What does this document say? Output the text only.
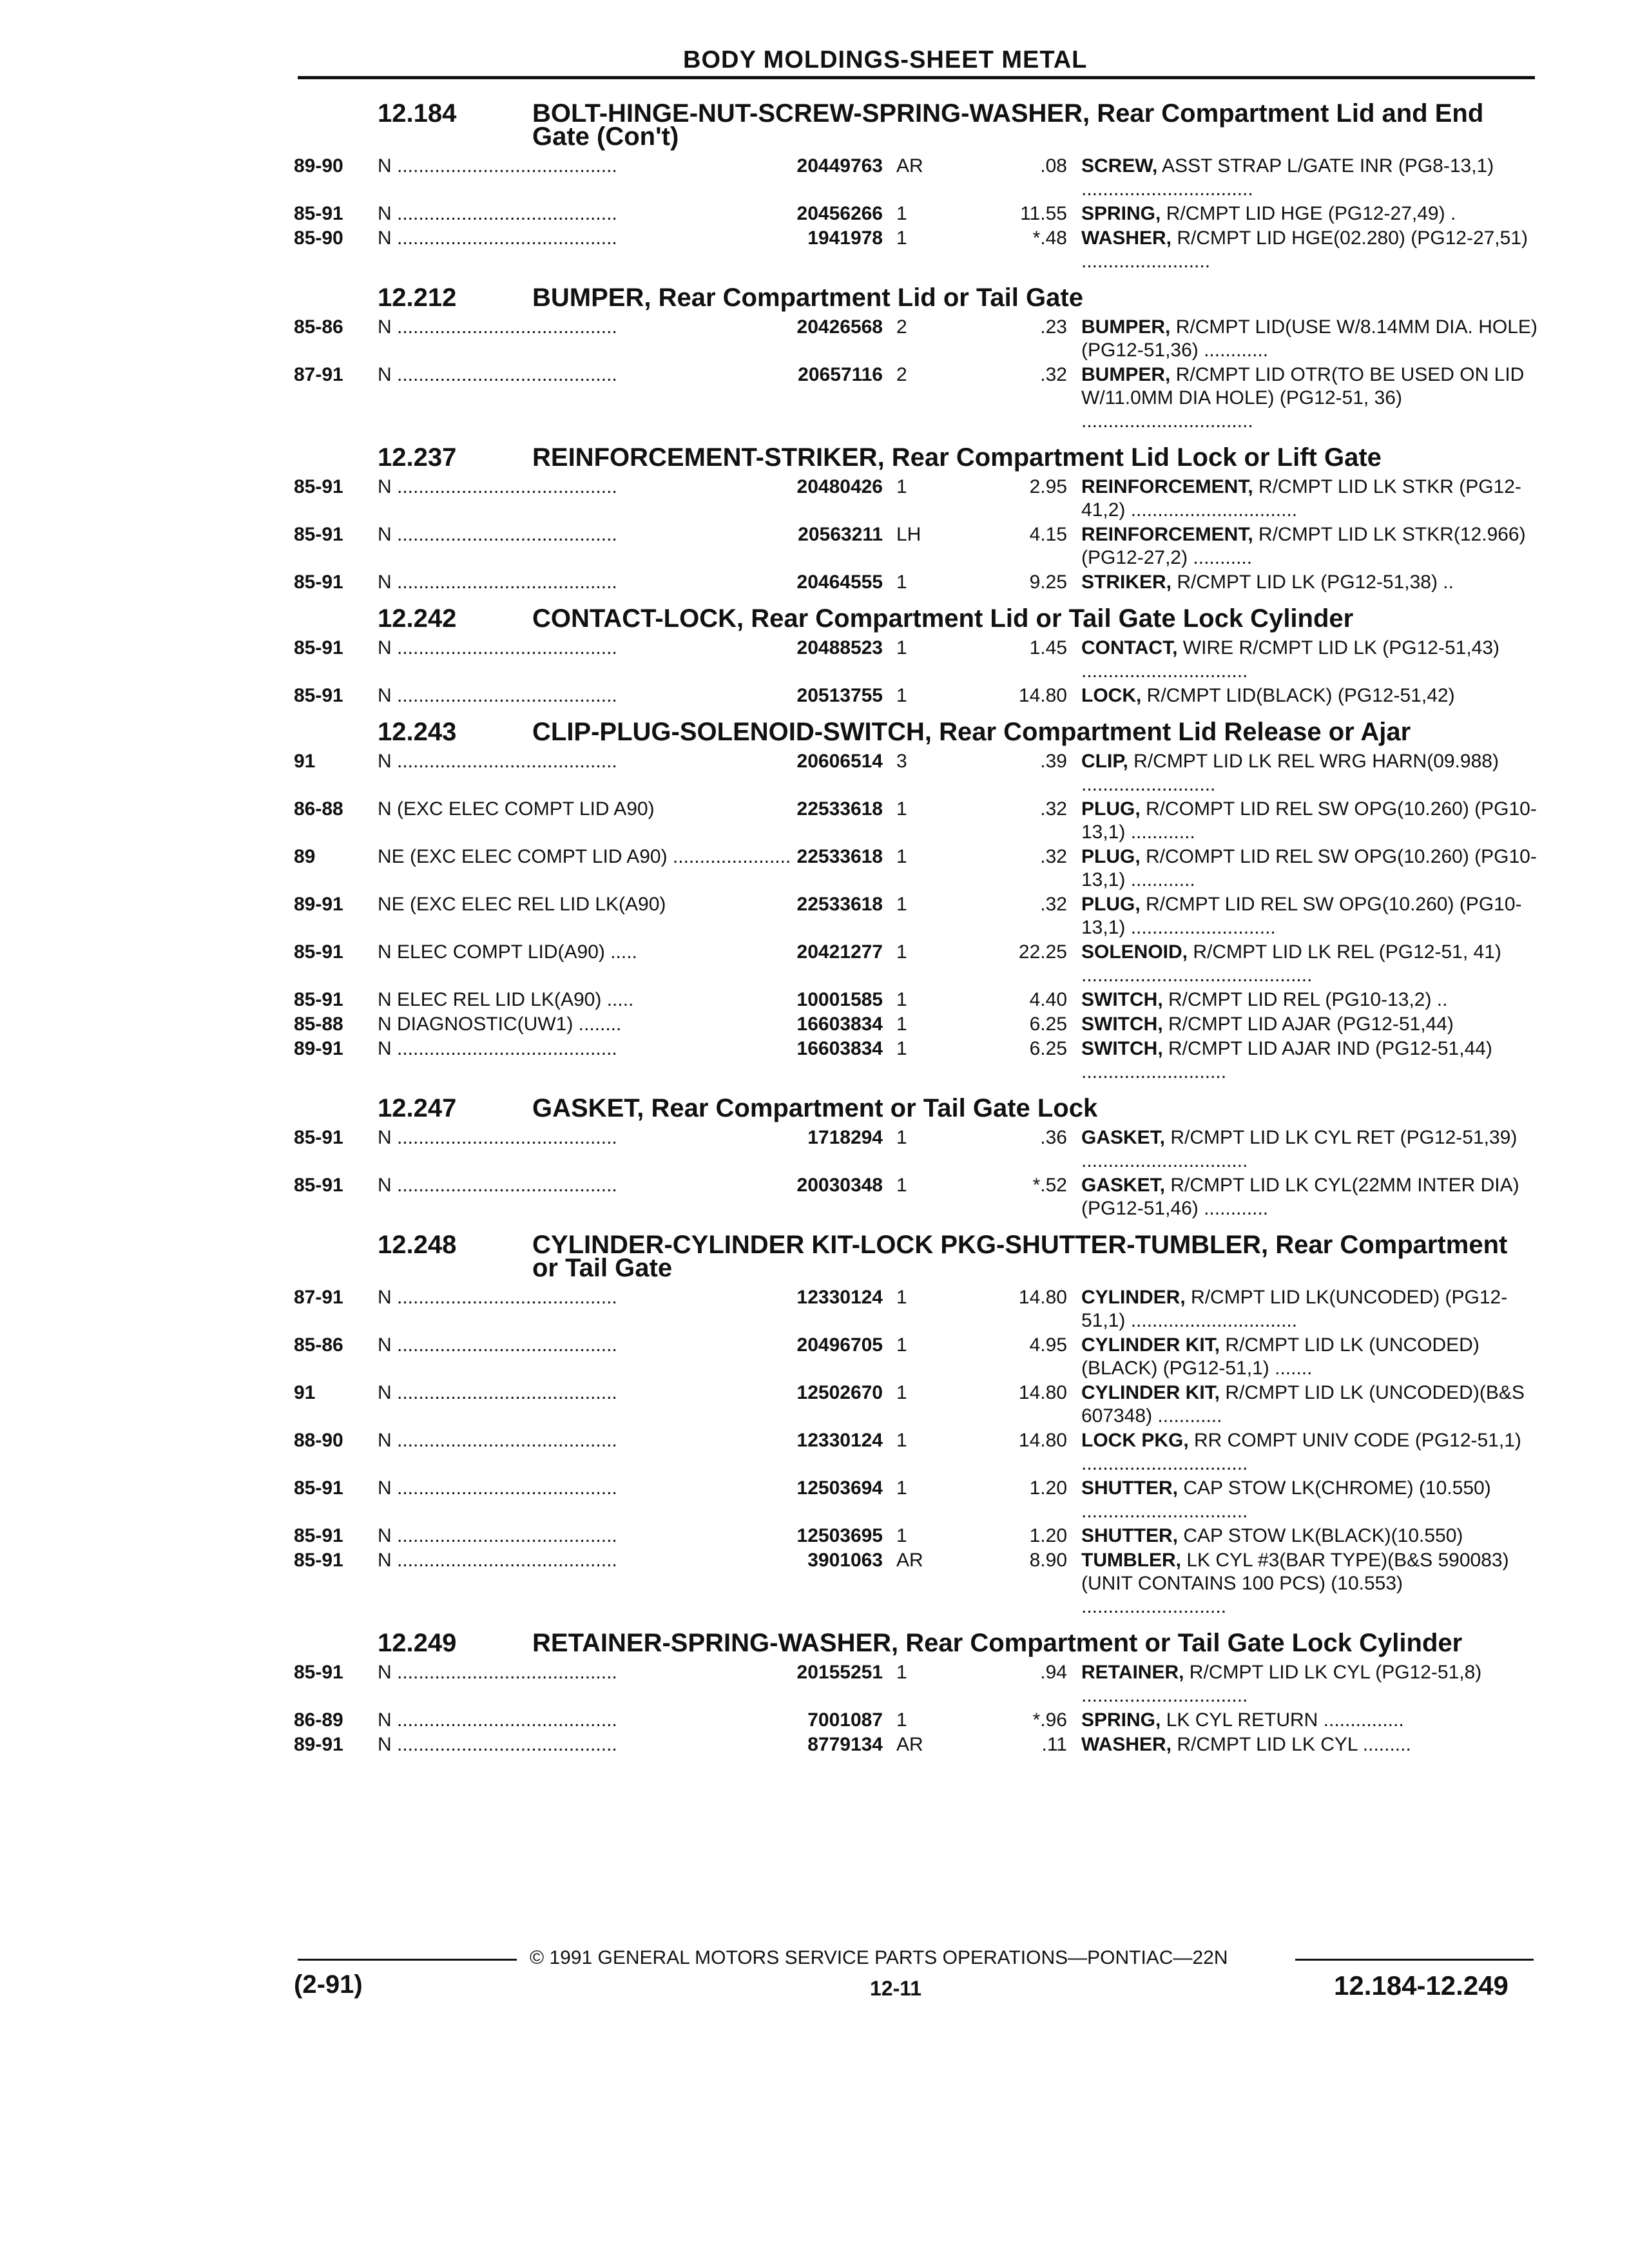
BODY MOLDINGS-SHEET METAL
12.184	BOLT-HINGE-NUT-SCREW-SPRING-WASHER, Rear Compartment Lid and End Gate (Con't)
89-90 N .........................................	20449763 AR	.08 SCREW, ASST STRAP L/GATE INR (PG8-13,1) ................................
85-91 N .........................................	20456266 1	11.55 SPRING, R/CMPT LID HGE (PG12-27,49) .
85-90 N .........................................	1941978 1	*.48 WASHER, R/CMPT LID HGE(02.280) (PG12-27,51) ........................
12.212	BUMPER, Rear Compartment Lid or Tail Gate
85-86 N .........................................	20426568 2	.23 BUMPER, R/CMPT LID(USE W/8.14MM DIA. HOLE) (PG12-51,36) ............
87-91 N .........................................	20657116 2	.32 BUMPER, R/CMPT LID OTR(TO BE USED ON LID W/11.0MM DIA HOLE) (PG12-51, 36) ................................
12.237	REINFORCEMENT-STRIKER, Rear Compartment Lid Lock or Lift Gate
85-91 N .........................................	20480426 1	2.95 REINFORCEMENT, R/CMPT LID LK STKR (PG12-41,2) ...............................
85-91 N .........................................	20563211 LH	4.15 REINFORCEMENT, R/CMPT LID LK STKR(12.966) (PG12-27,2) ...........
85-91 N .........................................	20464555 1	9.25 STRIKER, R/CMPT LID LK (PG12-51,38) ..
12.242	CONTACT-LOCK, Rear Compartment Lid or Tail Gate Lock Cylinder
85-91 N .........................................	20488523 1	1.45 CONTACT, WIRE R/CMPT LID LK (PG12-51,43) ...............................
85-91 N .........................................	20513755 1	14.80 LOCK, R/CMPT LID(BLACK) (PG12-51,42)
12.243	CLIP-PLUG-SOLENOID-SWITCH, Rear Compartment Lid Release or Ajar
91	N .........................................	20606514 3	.39 CLIP, R/CMPT LID LK REL WRG HARN(09.988) .........................
86-88 N (EXC ELEC COMPT LID A90)	22533618 1	.32 PLUG, R/COMPT LID REL SW OPG(10.260) (PG10-13,1) ............
89	NE (EXC ELEC COMPT LID A90) ...................... 22533618 1	.32 PLUG, R/COMPT LID REL SW OPG(10.260) (PG10-13,1) ............
89-91 NE (EXC ELEC REL LID LK(A90)	22533618 1	.32 PLUG, R/CMPT LID REL SW OPG(10.260) (PG10-13,1) ...........................
85-91 N ELEC COMPT LID(A90) .....	20421277 1	22.25 SOLENOID, R/CMPT LID LK REL (PG12-51, 41) ...........................................
85-91 N ELEC REL LID LK(A90) .....	10001585 1	4.40 SWITCH, R/CMPT LID REL (PG10-13,2) ..
85-88 N DIAGNOSTIC(UW1) ........	16603834 1	6.25 SWITCH, R/CMPT LID AJAR (PG12-51,44)
89-91 N .........................................	16603834 1	6.25 SWITCH, R/CMPT LID AJAR IND (PG12-51,44) ...........................
12.247	GASKET, Rear Compartment or Tail Gate Lock
85-91 N .........................................	1718294 1	.36 GASKET, R/CMPT LID LK CYL RET (PG12-51,39) ...............................
85-91 N .........................................	20030348 1	*.52 GASKET, R/CMPT LID LK CYL(22MM INTER DIA) (PG12-51,46) ............
12.248	CYLINDER-CYLINDER KIT-LOCK PKG-SHUTTER-TUMBLER, Rear Compartment or Tail Gate
87-91 N .........................................	12330124 1	14.80 CYLINDER, R/CMPT LID LK(UNCODED) (PG12-51,1) ...............................
85-86 N .........................................	20496705 1	4.95 CYLINDER KIT, R/CMPT LID LK (UNCODED)(BLACK) (PG12-51,1) .......
91	N .........................................	12502670 1	14.80 CYLINDER KIT, R/CMPT LID LK (UNCODED)(B&S 607348) ............
88-90 N .........................................	12330124 1	14.80 LOCK PKG, RR COMPT UNIV CODE (PG12-51,1) ...............................
85-91 N .........................................	12503694 1	1.20 SHUTTER, CAP STOW LK(CHROME) (10.550) ...............................
85-91 N .........................................	12503695 1	1.20 SHUTTER, CAP STOW LK(BLACK)(10.550)
85-91 N .........................................	3901063 AR	8.90 TUMBLER, LK CYL #3(BAR TYPE)(B&S 590083)(UNIT CONTAINS 100 PCS) (10.553) ...........................
12.249	RETAINER-SPRING-WASHER, Rear Compartment or Tail Gate Lock Cylinder
85-91 N .........................................	20155251 1	.94 RETAINER, R/CMPT LID LK CYL (PG12-51,8) ...............................
86-89 N .........................................	7001087 1	*.96 SPRING, LK CYL RETURN ...............
89-91 N .........................................	8779134 AR	.11 WASHER, R/CMPT LID LK CYL .........
© 1991 GENERAL MOTORS SERVICE PARTS OPERATIONS—PONTIAC—22N
(2-91)	12-11	12.184-12.249
